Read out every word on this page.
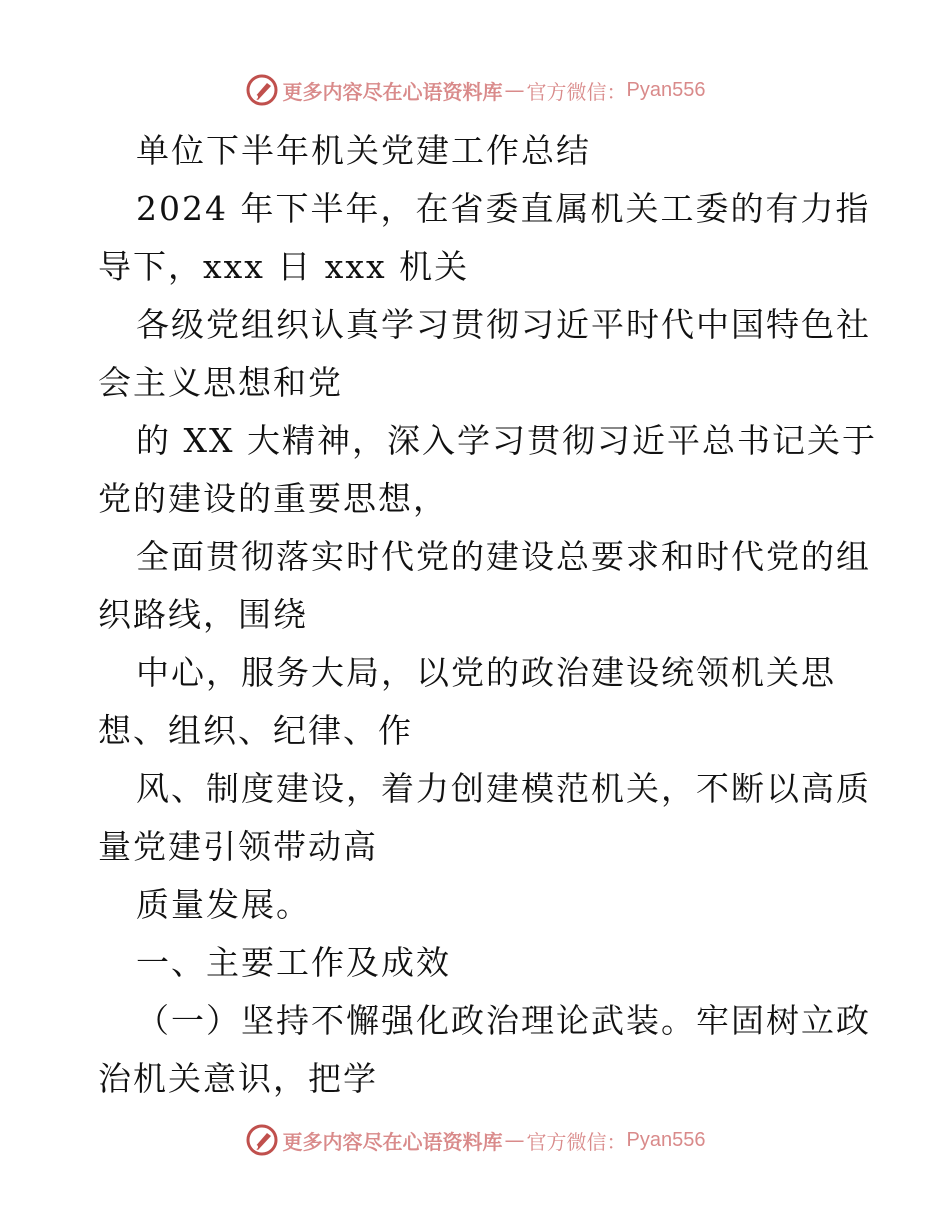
更多内容尽在心语资料库 — 官方微信： Pyan556
单位下半年机关党建工作总结
2024 年下半年，在省委直属机关工委的有力指
导下，xxx 日 xxx 机关
各级党组织认真学习贯彻习近平时代中国特色社
会主义思想和党
的 XX 大精神，深入学习贯彻习近平总书记关于
党的建设的重要思想，
全面贯彻落实时代党的建设总要求和时代党的组
织路线，围绕
中心，服务大局，以党的政治建设统领机关思
想、组织、纪律、作
风、制度建设，着力创建模范机关，不断以高质
量党建引领带动高
质量发展。
一、主要工作及成效
（一）坚持不懈强化政治理论武装。牢固树立政
治机关意识，把学
更多内容尽在心语资料库 — 官方微信： Pyan556
